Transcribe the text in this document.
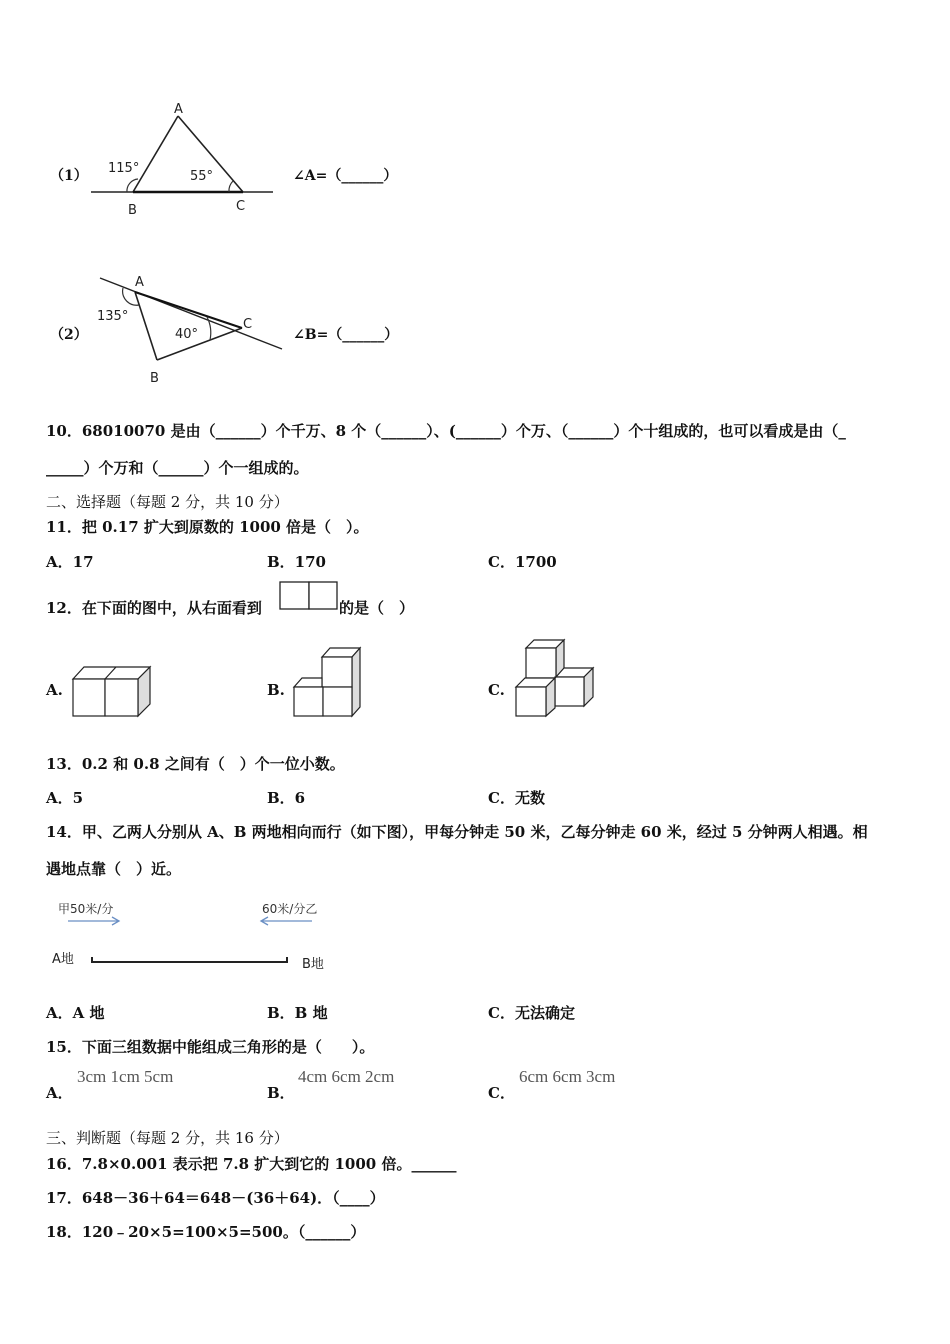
（1）
A
B	C
115°
55°	∠A=（______）
（2）
A
B
C
135°
40°	∠B=（______）
10．68010070 是由（______）个千万、8 个（______）、(______）个万、（______）个十组成的，也可以看成是由（_
_____）个万和（______）个一组成的。
二、选择题（每题 2 分，共 10 分）
11．把 0.17 扩大到原数的 1000 倍是（　）。
A．17	B．170	C．1700
12．在下面的图中，从右面看到	的是（　）
A.	B.	C.
13．0.2 和 0.8 之间有（　）个一位小数。
A．5	B．6	C．无数
14．甲、乙两人分别从 A、B 两地相向而行（如下图），甲每分钟走 50 米，乙每分钟走 60 米，经过 5 分钟两人相遇。相
遇地点靠（　）近。
甲50米/分	60米/分乙
A地	B地
A．A 地	B．B 地	C．无法确定
15．下面三组数据中能组成三角形的是（　　）。
A．
3cm 1cm 5cm
B．
4cm 6cm 2cm
C．
6cm 6cm 3cm
三、判断题（每题 2 分，共 16 分）
16．7.8×0.001 表示把 7.8 扩大到它的 1000 倍。______
17．648－36＋64＝648－(36＋64)．（____）
18．120﹣20×5=100×5=500。（______）
